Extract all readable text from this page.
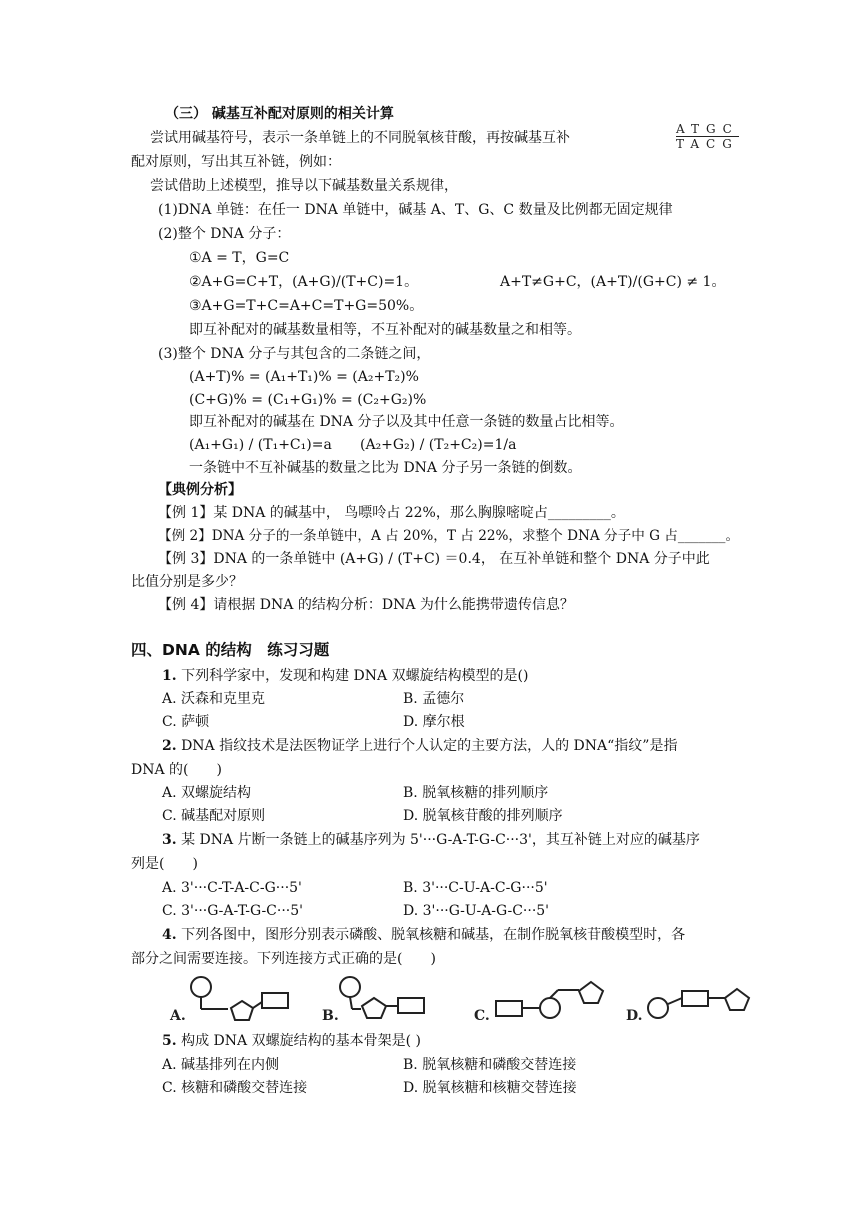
（三） 碱基互补配对原则的相关计算
尝试用碱基符号，表示一条单链上的不同脱氧核苷酸，再按碱基互补
配对原则，写出其互补链，例如：
ATGC
TACG
尝试借助上述模型，推导以下碱基数量关系规律，
(1)DNA 单链：在任一 DNA 单链中，碱基 A、T、G、C 数量及比例都无固定规律
(2)整个 DNA 分子：
①A = T，G=C
②A+G=C+T，(A+G)/(T+C)=1。	A+T≠G+C，(A+T)/(G+C) ≠ 1。
③A+G=T+C=A+C=T+G=50%。
即互补配对的碱基数量相等，不互补配对的碱基数量之和相等。
(3)整个 DNA 分子与其包含的二条链之间，
(A+T)% = (A₁+T₁)% = (A₂+T₂)%
(C+G)% = (C₁+G₁)% = (C₂+G₂)%
即互补配对的碱基在 DNA 分子以及其中任意一条链的数量占比相等。
(A₁+G₁) / (T₁+C₁)=a (A₂+G₂) / (T₂+C₂)=1/a
一条链中不互补碱基的数量之比为 DNA 分子另一条链的倒数。
【典例分析】
【例 1】某 DNA 的碱基中， 鸟嘌呤占 22%，那么胸腺嘧啶占_________。
【例 2】DNA 分子的一条单链中，A 占 20%，T 占 22%，求整个 DNA 分子中 G 占_______。
【例 3】DNA 的一条单链中 (A+G) / (T+C) ＝0.4， 在互补单链和整个 DNA 分子中此
比值分别是多少？
【例 4】请根据 DNA 的结构分析：DNA 为什么能携带遗传信息？
四、DNA 的结构　练习习题
1. 下列科学家中，发现和构建 DNA 双螺旋结构模型的是()
A. 沃森和克里克	B. 孟德尔
C. 萨顿	D. 摩尔根
2. DNA 指纹技术是法医物证学上进行个人认定的主要方法，人的 DNA“指纹”是指
DNA 的(　　)
A. 双螺旋结构	B. 脱氧核糖的排列顺序
C. 碱基配对原则	D. 脱氧核苷酸的排列顺序
3. 某 DNA 片断一条链上的碱基序列为 5'···G-A-T-G-C···3'，其互补链上对应的碱基序
列是(　　)
A. 3'···C-T-A-C-G···5'	B. 3'···C-U-A-C-G···5'
C. 3'···G-A-T-G-C···5'	D. 3'···G-U-A-G-C···5'
4. 下列各图中，图形分别表示磷酸、脱氧核糖和碱基，在制作脱氧核苷酸模型时，各
部分之间需要连接。下列连接方式正确的是(　　)
A.	B.	C.	D.
5. 构成 DNA 双螺旋结构的基本骨架是( )
A. 碱基排列在内侧	B. 脱氧核糖和磷酸交替连接
C. 核糖和磷酸交替连接	D. 脱氧核糖和核糖交替连接
